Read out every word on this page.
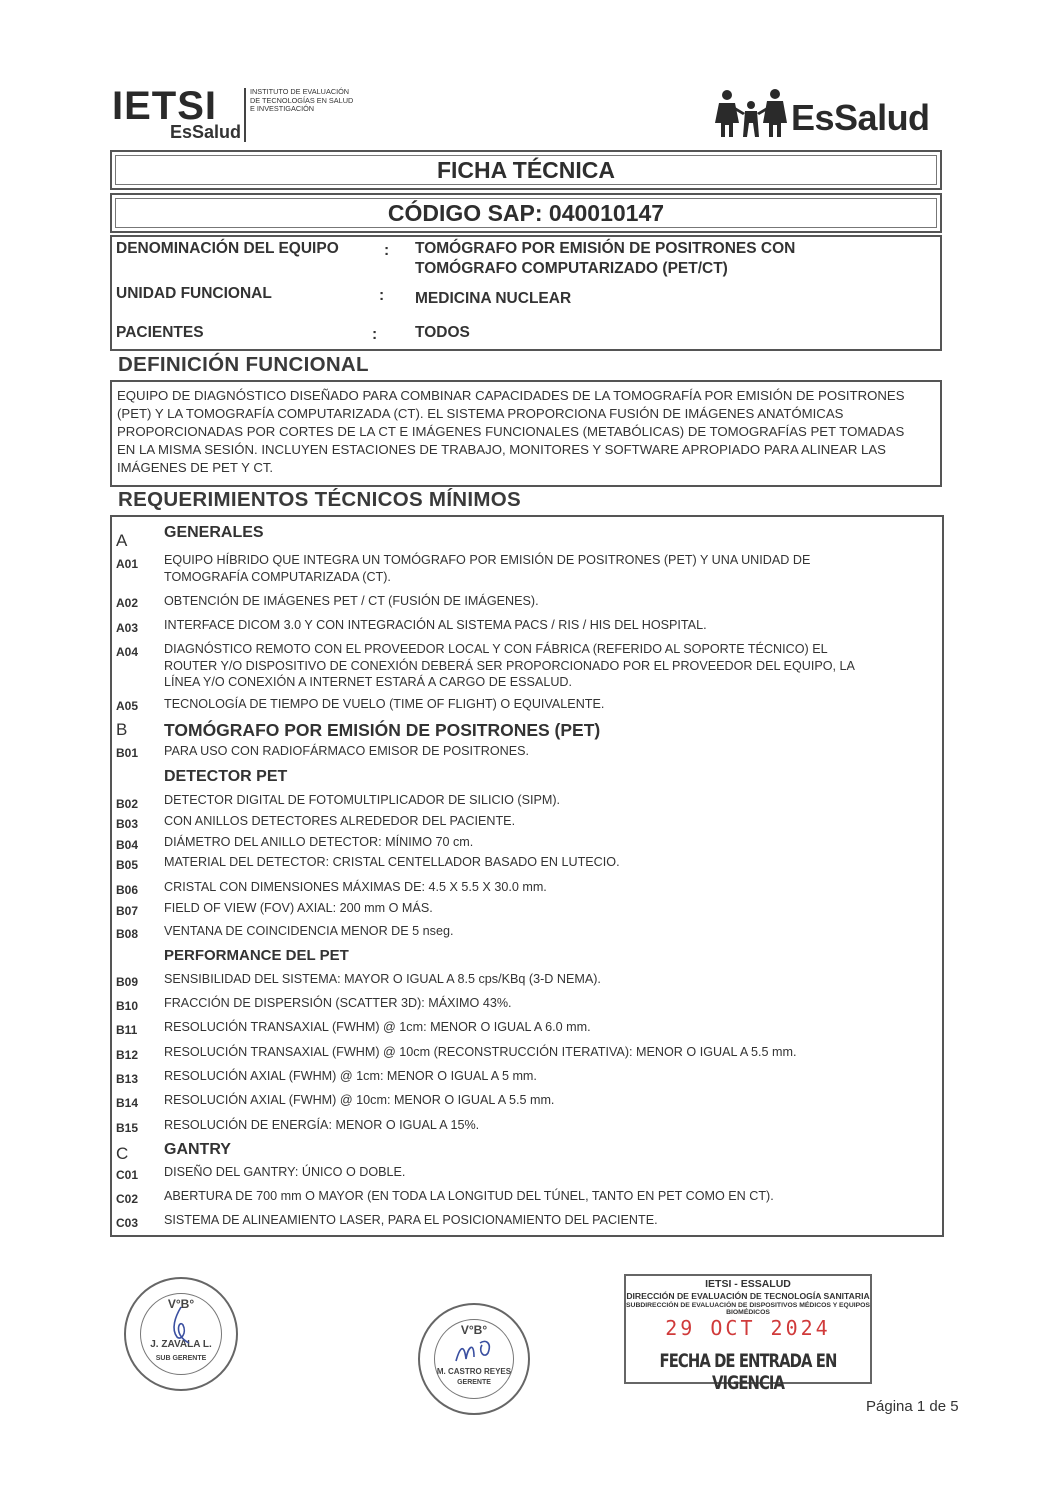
IETSI
EsSalud
INSTITUTO DE EVALUACIÓN DE TECNOLOGÍAS EN SALUD E INVESTIGACIÓN	EsSalud
FICHA TÉCNICA
CÓDIGO SAP: 040010147
DENOMINACIÓN DEL EQUIPO	: TOMÓGRAFO POR EMISIÓN DE POSITRONES CON
TOMÓGRAFO COMPUTARIZADO (PET/CT)
UNIDAD FUNCIONAL	: MEDICINA NUCLEAR
PACIENTES	: TODOS
DEFINICIÓN FUNCIONAL
EQUIPO DE DIAGNÓSTICO DISEÑADO PARA COMBINAR CAPACIDADES DE LA TOMOGRAFÍA POR EMISIÓN DE POSITRONES
(PET) Y LA TOMOGRAFÍA COMPUTARIZADA (CT). EL SISTEMA PROPORCIONA FUSIÓN DE IMÁGENES ANATÓMICAS
PROPORCIONADAS POR CORTES DE LA CT E IMÁGENES FUNCIONALES (METABÓLICAS) DE TOMOGRAFÍAS PET TOMADAS
EN LA MISMA SESIÓN. INCLUYEN ESTACIONES DE TRABAJO, MONITORES Y SOFTWARE APROPIADO PARA ALINEAR LAS
IMÁGENES DE PET Y CT.
REQUERIMIENTOS TÉCNICOS MÍNIMOS
A GENERALES
A01 EQUIPO HÍBRIDO QUE INTEGRA UN TOMÓGRAFO POR EMISIÓN DE POSITRONES (PET) Y UNA UNIDAD DE
TOMOGRAFÍA COMPUTARIZADA (CT).
A02 OBTENCIÓN DE IMÁGENES PET / CT (FUSIÓN DE IMÁGENES).
A03 INTERFACE DICOM 3.0 Y CON INTEGRACIÓN AL SISTEMA PACS / RIS / HIS DEL HOSPITAL.
A04 DIAGNÓSTICO REMOTO CON EL PROVEEDOR LOCAL Y CON FÁBRICA (REFERIDO AL SOPORTE TÉCNICO) EL
ROUTER Y/O DISPOSITIVO DE CONEXIÓN DEBERÁ SER PROPORCIONADO POR EL PROVEEDOR DEL EQUIPO, LA
LÍNEA Y/O CONEXIÓN A INTERNET ESTARÁ A CARGO DE ESSALUD.
A05 TECNOLOGÍA DE TIEMPO DE VUELO (TIME OF FLIGHT) O EQUIVALENTE.
B TOMÓGRAFO POR EMISIÓN DE POSITRONES (PET)
B01 PARA USO CON RADIOFÁRMACO EMISOR DE POSITRONES.
DETECTOR PET
B02 DETECTOR DIGITAL DE FOTOMULTIPLICADOR DE SILICIO (SIPM).
B03 CON ANILLOS DETECTORES ALREDEDOR DEL PACIENTE.
B04 DIÁMETRO DEL ANILLO DETECTOR: MÍNIMO 70 cm.
B05 MATERIAL DEL DETECTOR: CRISTAL CENTELLADOR BASADO EN LUTECIO.
B06 CRISTAL CON DIMENSIONES MÁXIMAS DE: 4.5 X 5.5 X 30.0 mm.
B07 FIELD OF VIEW (FOV) AXIAL: 200 mm O MÁS.
B08 VENTANA DE COINCIDENCIA MENOR DE 5 nseg.
PERFORMANCE DEL PET
B09 SENSIBILIDAD DEL SISTEMA: MAYOR O IGUAL A 8.5 cps/KBq (3-D NEMA).
B10 FRACCIÓN DE DISPERSIÓN (SCATTER 3D): MÁXIMO 43%.
B11 RESOLUCIÓN TRANSAXIAL (FWHM) @ 1cm: MENOR O IGUAL A 6.0 mm.
B12 RESOLUCIÓN TRANSAXIAL (FWHM) @ 10cm (RECONSTRUCCIÓN ITERATIVA): MENOR O IGUAL A 5.5 mm.
B13 RESOLUCIÓN AXIAL (FWHM) @ 1cm: MENOR O IGUAL A 5 mm.
B14 RESOLUCIÓN AXIAL (FWHM) @ 10cm: MENOR O IGUAL A 5.5 mm.
B15 RESOLUCIÓN DE ENERGÍA: MENOR O IGUAL A 15%.
C GANTRY
C01 DISEÑO DEL GANTRY: ÚNICO O DOBLE.
C02 ABERTURA DE 700 mm O MAYOR (EN TODA LA LONGITUD DEL TÚNEL, TANTO EN PET COMO EN CT).
C03 SISTEMA DE ALINEAMIENTO LASER, PARA EL POSICIONAMIENTO DEL PACIENTE.
V°B°
J. ZAVALA L.
SUB GERENTE
V°B°
M. CASTRO REYES
GERENTE
IETSI - ESSALUD
DIRECCIÓN DE EVALUACIÓN DE TECNOLOGÍA SANITARIA
SUBDIRECCIÓN DE EVALUACIÓN DE DISPOSITIVOS MÉDICOS Y EQUIPOS BIOMÉDICOS
29 OCT 2024
FECHA DE ENTRADA EN VIGENCIA
Página 1 de 5
